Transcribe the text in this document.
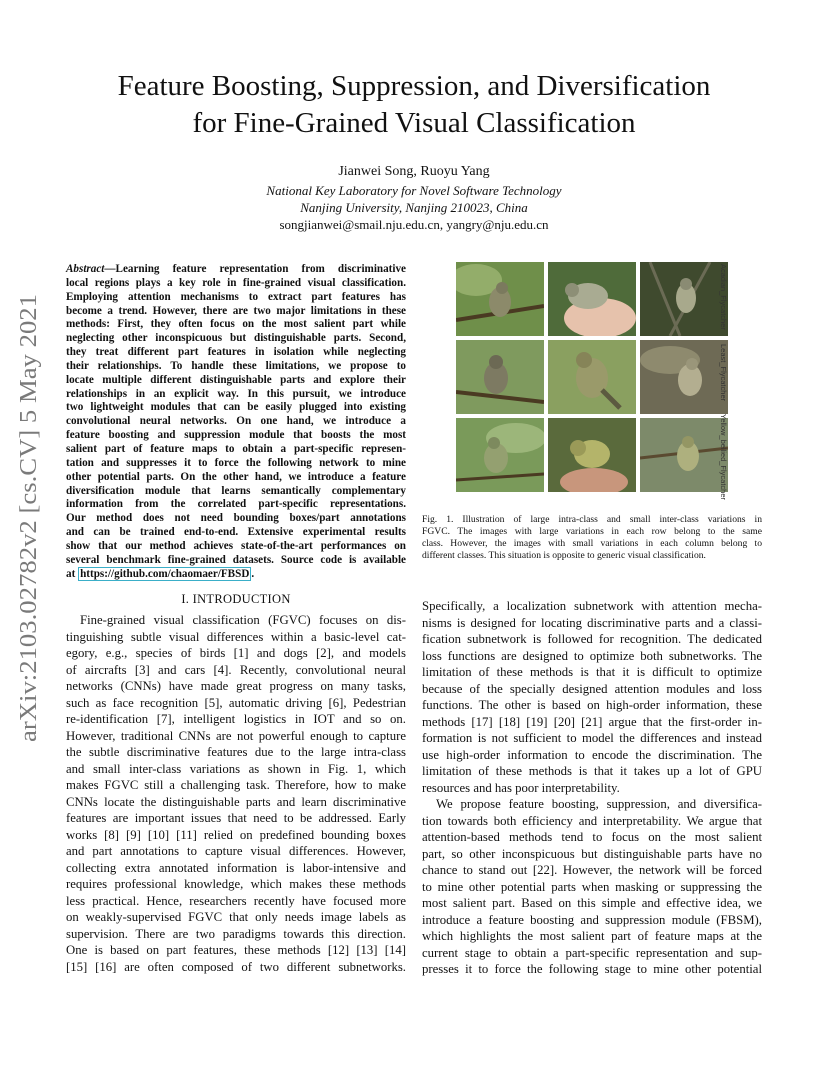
Feature Boosting, Suppression, and Diversification
for Fine-Grained Visual Classification
Jianwei Song, Ruoyu Yang
National Key Laboratory for Novel Software Technology
Nanjing University, Nanjing 210023, China
songjianwei@smail.nju.edu.cn, yangry@nju.edu.cn
arXiv:2103.02782v2 [cs.CV] 5 May 2021
Abstract—Learning feature representation from discriminative
local regions plays a key role in fine-grained visual classification.
Employing attention mechanisms to extract part features has
become a trend. However, there are two major limitations in these
methods: First, they often focus on the most salient part while
neglecting other inconspicuous but distinguishable parts. Second,
they treat different part features in isolation while neglecting
their relationships. To handle these limitations, we propose to
locate multiple different distinguishable parts and explore their
relationships in an explicit way. In this pursuit, we introduce
two lightweight modules that can be easily plugged into existing
convolutional neural networks. On one hand, we introduce a
feature boosting and suppression module that boosts the most
salient part of feature maps to obtain a part-specific represen-
tation and suppresses it to force the following network to mine
other potential parts. On the other hand, we introduce a feature
diversification module that learns semantically complementary
information from the correlated part-specific representations.
Our method does not need bounding boxes/part annotations
and can be trained end-to-end. Extensive experimental results
show that our method achieves state-of-the-art performances on
several benchmark fine-grained datasets. Source code is available
at https://github.com/chaomaer/FBSD .
Acadian_Flycatcher
Least_Flycatcher
Yellow_bellied_Flycatcher
Fig. 1. Illustration of large intra-class and small inter-class variations in
FGVC. The images with large variations in each row belong to the same
class. However, the images with small variations in each column belong to
different classes. This situation is opposite to generic visual classification.
I. INTRODUCTION
Fine-grained visual classification (FGVC) focuses on dis-
tinguishing subtle visual differences within a basic-level cat-
egory, e.g., species of birds [1] and dogs [2], and models
of aircrafts [3] and cars [4]. Recently, convolutional neural
networks (CNNs) have made great progress on many tasks,
such as face recognition [5], automatic driving [6], Pedestrian
re-identification [7], intelligent logistics in IOT and so on.
However, traditional CNNs are not powerful enough to capture
the subtle discriminative features due to the large intra-class
and small inter-class variations as shown in Fig. 1, which
makes FGVC still a challenging task. Therefore, how to make
CNNs locate the distinguishable parts and learn discriminative
features are important issues that need to be addressed. Early
works [8] [9] [10] [11] relied on predefined bounding boxes
and part annotations to capture visual differences. However,
collecting extra annotated information is labor-intensive and
requires professional knowledge, which makes these methods
less practical. Hence, researchers recently have focused more
on weakly-supervised FGVC that only needs image labels as
supervision. There are two paradigms towards this direction.
One is based on part features, these methods [12] [13] [14]
[15] [16] are often composed of two different subnetworks.
Specifically, a localization subnetwork with attention mecha-
nisms is designed for locating discriminative parts and a classi-
fication subnetwork is followed for recognition. The dedicated
loss functions are designed to optimize both subnetworks. The
limitation of these methods is that it is difficult to optimize
because of the specially designed attention modules and loss
functions. The other is based on high-order information, these
methods [17] [18] [19] [20] [21] argue that the first-order in-
formation is not sufficient to model the differences and instead
use high-order information to encode the discrimination. The
limitation of these methods is that it takes up a lot of GPU
resources and has poor interpretability.
We propose feature boosting, suppression, and diversifica-
tion towards both efficiency and interpretability. We argue that
attention-based methods tend to focus on the most salient
part, so other inconspicuous but distinguishable parts have no
chance to stand out [22]. However, the network will be forced
to mine other potential parts when masking or suppressing the
most salient part. Based on this simple and effective idea, we
introduce a feature boosting and suppression module (FBSM),
which highlights the most salient part of feature maps at the
current stage to obtain a part-specific representation and sup-
presses it to force the following stage to mine other potential
